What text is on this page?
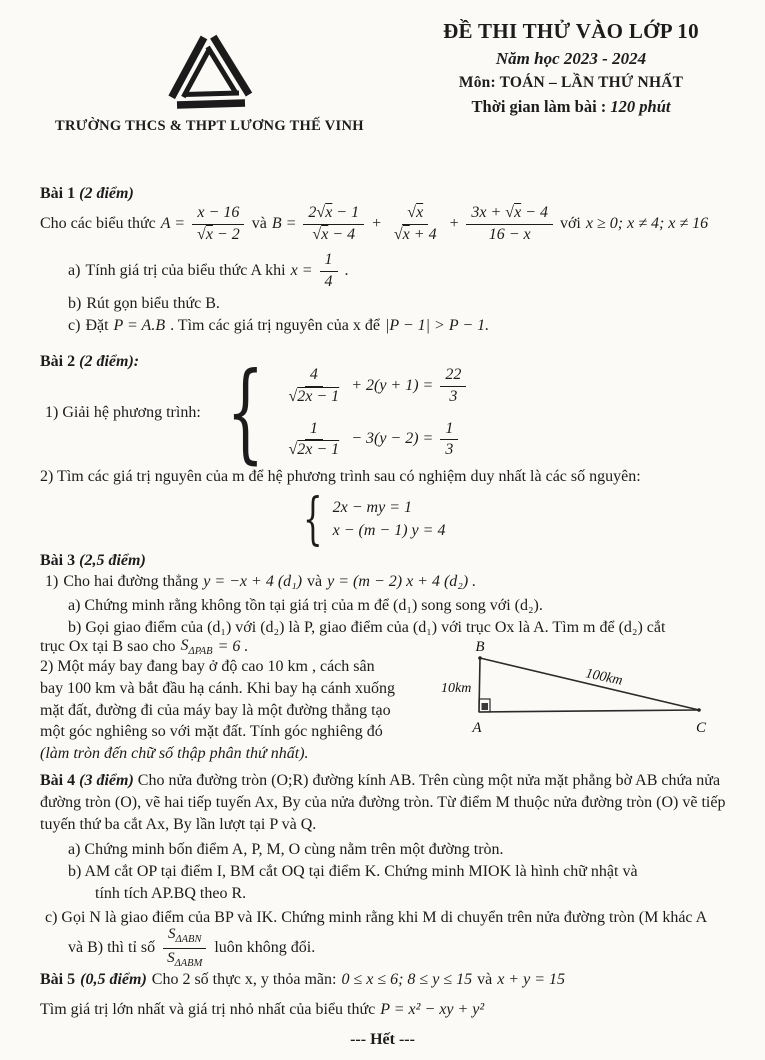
ĐỀ THI THỬ VÀO LỚP 10
Năm học 2023 - 2024
Môn: TOÁN – LẦN THỨ NHẤT
Thời gian làm bài : 120 phút
TRƯỜNG THCS & THPT LƯƠNG THẾ VINH
Bài 1 (2 điểm)
Cho các biểu thức $A = \frac{x - 16}{√x - 2}$ và $B = \frac{2√x - 1}{√x - 4} + \frac{√x}{√x + 4} + \frac{3x + √x - 4}{16 - x}$ với x ≥ 0; x ≠ 4; x ≠ 16
a) Tính giá trị của biểu thức A khi $x = \frac{1}{4}$ .
b) Rút gọn biểu thức B.
c) Đặt P = A.B . Tìm các giá trị nguyên của x để |P − 1| > P − 1.
Bài 2 (2 điểm):
1) Giải hệ phương trình: { $\frac{4}{√2x - 1} + 2(y + 1) = \frac{22}{3}$
$\frac{1}{√2x - 1} - 3(y - 2) = \frac{1}{3}$
2) Tìm các giá trị nguyên của m để hệ phương trình sau có nghiệm duy nhất là các số nguyên:
{ 2x − my = 1
x − (m − 1) y = 4
Bài 3 (2,5 điểm)
1) Cho hai đường thẳng y = −x + 4 (d₁) và y = (m − 2) x + 4 (d₂) .
a) Chứng minh rằng không tồn tại giá trị của m để (d₁) song song với (d₂).
b) Gọi giao điểm của (d₁) với (d₂) là P, giao điểm của (d₁) với trục Ox là A. Tìm m để (d₂) cắt
trục Ox tại B sao cho $S_{\Delta PAB} = 6$ .
2) Một máy bay đang bay ở độ cao 10 km , cách sân
bay 100 km và bắt đầu hạ cánh. Khi bay hạ cánh xuống
mặt đất, đường đi của máy bay là một đường thẳng tạo
một góc nghiêng so với mặt đất. Tính góc nghiêng đó
(làm tròn đến chữ số thập phân thứ nhất).
B
A	C
10km	100km
Bài 4 (3 điểm) Cho nửa đường tròn (O;R) đường kính AB. Trên cùng một nửa mặt phẳng bờ AB chứa nửa đường tròn (O), vẽ hai tiếp tuyến Ax, By của nửa đường tròn. Từ điểm M thuộc nửa đường tròn (O) vẽ tiếp tuyến thứ ba cắt Ax, By lần lượt tại P và Q.
a) Chứng minh bốn điểm A, P, M, O cùng nằm trên một đường tròn.
b) AM cắt OP tại điểm I, BM cắt OQ tại điểm K. Chứng minh MIOK là hình chữ nhật và
tính tích AP.BQ theo R.
c) Gọi N là giao điểm của BP và IK. Chứng minh rằng khi M di chuyển trên nửa đường tròn (M khác A
và B) thì tỉ số $\frac{S_{\Delta ABN}}{S_{\Delta ABM}}$ luôn không đổi.
Bài 5 (0,5 điểm) Cho 2 số thực x, y thỏa mãn: 0 ≤ x ≤ 6; 8 ≤ y ≤ 15 và x + y = 15
Tìm giá trị lớn nhất và giá trị nhỏ nhất của biểu thức P = x² − xy + y²
--- Hết ---
